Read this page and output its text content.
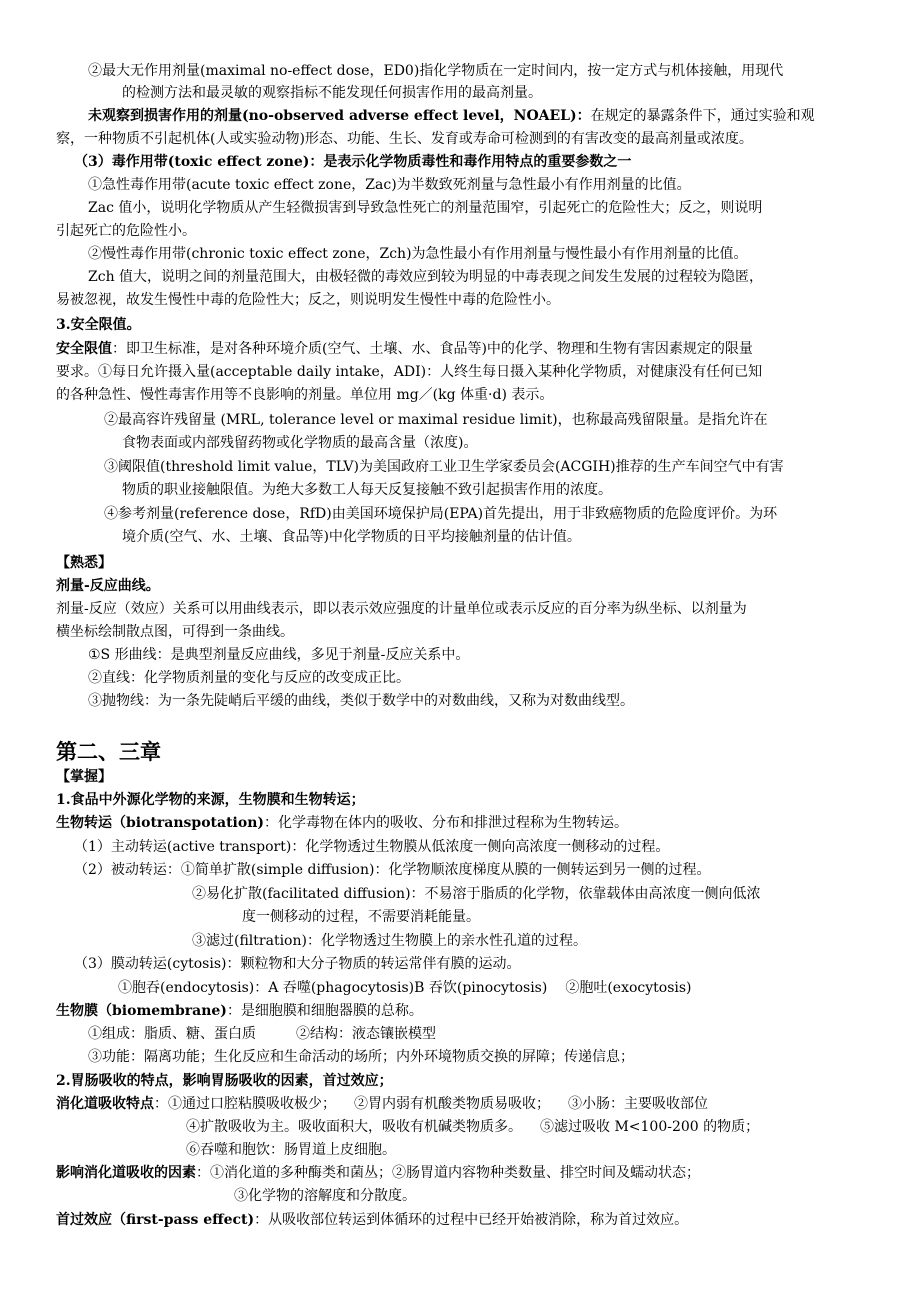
②最大无作用剂量(maximal no-effect dose，ED0)指化学物质在一定时间内，按一定方式与机体接触，用现代
的检测方法和最灵敏的观察指标不能发现任何损害作用的最高剂量。
未观察到损害作用的剂量(no-observed adverse effect level，NOAEL)：在规定的暴露条件下，通过实验和观
察，一种物质不引起机体(人或实验动物)形态、功能、生长、发育或寿命可检测到的有害改变的最高剂量或浓度。
（3）毒作用带(toxic effect zone)：是表示化学物质毒性和毒作用特点的重要参数之一
①急性毒作用带(acute toxic effect zone，Zac)为半数致死剂量与急性最小有作用剂量的比值。
Zac 值小，说明化学物质从产生轻微损害到导致急性死亡的剂量范围窄，引起死亡的危险性大；反之，则说明
引起死亡的危险性小。
②慢性毒作用带(chronic toxic effect zone，Zch)为急性最小有作用剂量与慢性最小有作用剂量的比值。
Zch 值大，说明之间的剂量范围大，由极轻微的毒效应到较为明显的中毒表现之间发生发展的过程较为隐匿，
易被忽视，故发生慢性中毒的危险性大；反之，则说明发生慢性中毒的危险性小。
3.安全限值。
安全限值：即卫生标准，是对各种环境介质(空气、土壤、水、食品等)中的化学、物理和生物有害因素规定的限量
要求。①每日允许摄入量(acceptable daily intake，ADI)：人终生每日摄入某种化学物质，对健康没有任何已知
的各种急性、慢性毒害作用等不良影响的剂量。单位用 mg／(kg 体重·d) 表示。
②最高容许残留量 (MRL, tolerance level or maximal residue limit)，也称最高残留限量。是指允许在
食物表面或内部残留药物或化学物质的最高含量（浓度)。
③阈限值(threshold limit value，TLV)为美国政府工业卫生学家委员会(ACGIH)推荐的生产车间空气中有害
物质的职业接触限值。为绝大多数工人每天反复接触不致引起损害作用的浓度。
④参考剂量(reference dose，RfD)由美国环境保护局(EPA)首先提出，用于非致癌物质的危险度评价。为环
境介质(空气、水、土壤、食品等)中化学物质的日平均接触剂量的估计值。
【熟悉】
剂量-反应曲线。
剂量-反应（效应）关系可以用曲线表示，即以表示效应强度的计量单位或表示反应的百分率为纵坐标、以剂量为
横坐标绘制散点图，可得到一条曲线。
①S 形曲线：是典型剂量反应曲线，多见于剂量-反应关系中。
②直线：化学物质剂量的变化与反应的改变成正比。
③抛物线：为一条先陡峭后平缓的曲线，类似于数学中的对数曲线，又称为对数曲线型。
第二、三章
【掌握】
1.食品中外源化学物的来源，生物膜和生物转运；
生物转运（biotranspotation)：化学毒物在体内的吸收、分布和排泄过程称为生物转运。
（1）主动转运(active transport)：化学物透过生物膜从低浓度一侧向高浓度一侧移动的过程。
（2）被动转运：①简单扩散(simple diffusion)：化学物顺浓度梯度从膜的一侧转运到另一侧的过程。
②易化扩散(facilitated diffusion)：不易溶于脂质的化学物，依靠载体由高浓度一侧向低浓
度一侧移动的过程，不需要消耗能量。
③滤过(filtration)：化学物透过生物膜上的亲水性孔道的过程。
（3）膜动转运(cytosis)：颗粒物和大分子物质的转运常伴有膜的运动。
①胞吞(endocytosis)：A 吞噬(phagocytosis)B 吞饮(pinocytosis) ②胞吐(exocytosis)
生物膜（biomembrane)：是细胞膜和细胞器膜的总称。
①组成：脂质、糖、蛋白质	②结构：液态镶嵌模型
③功能：隔离功能；生化反应和生命活动的场所；内外环境物质交换的屏障；传递信息；
2.胃肠吸收的特点，影响胃肠吸收的因素，首过效应；
消化道吸收特点：①通过口腔粘膜吸收极少； ②胃内弱有机酸类物质易吸收； ③小肠：主要吸收部位
④扩散吸收为主。吸收面积大，吸收有机碱类物质多。 ⑤滤过吸收 M<100-200 的物质；
⑥吞噬和胞饮：肠胃道上皮细胞。
影响消化道吸收的因素：①消化道的多种酶类和菌丛；②肠胃道内容物种类数量、排空时间及蠕动状态；
③化学物的溶解度和分散度。
首过效应（first-pass effect)：从吸收部位转运到体循环的过程中已经开始被消除，称为首过效应。
